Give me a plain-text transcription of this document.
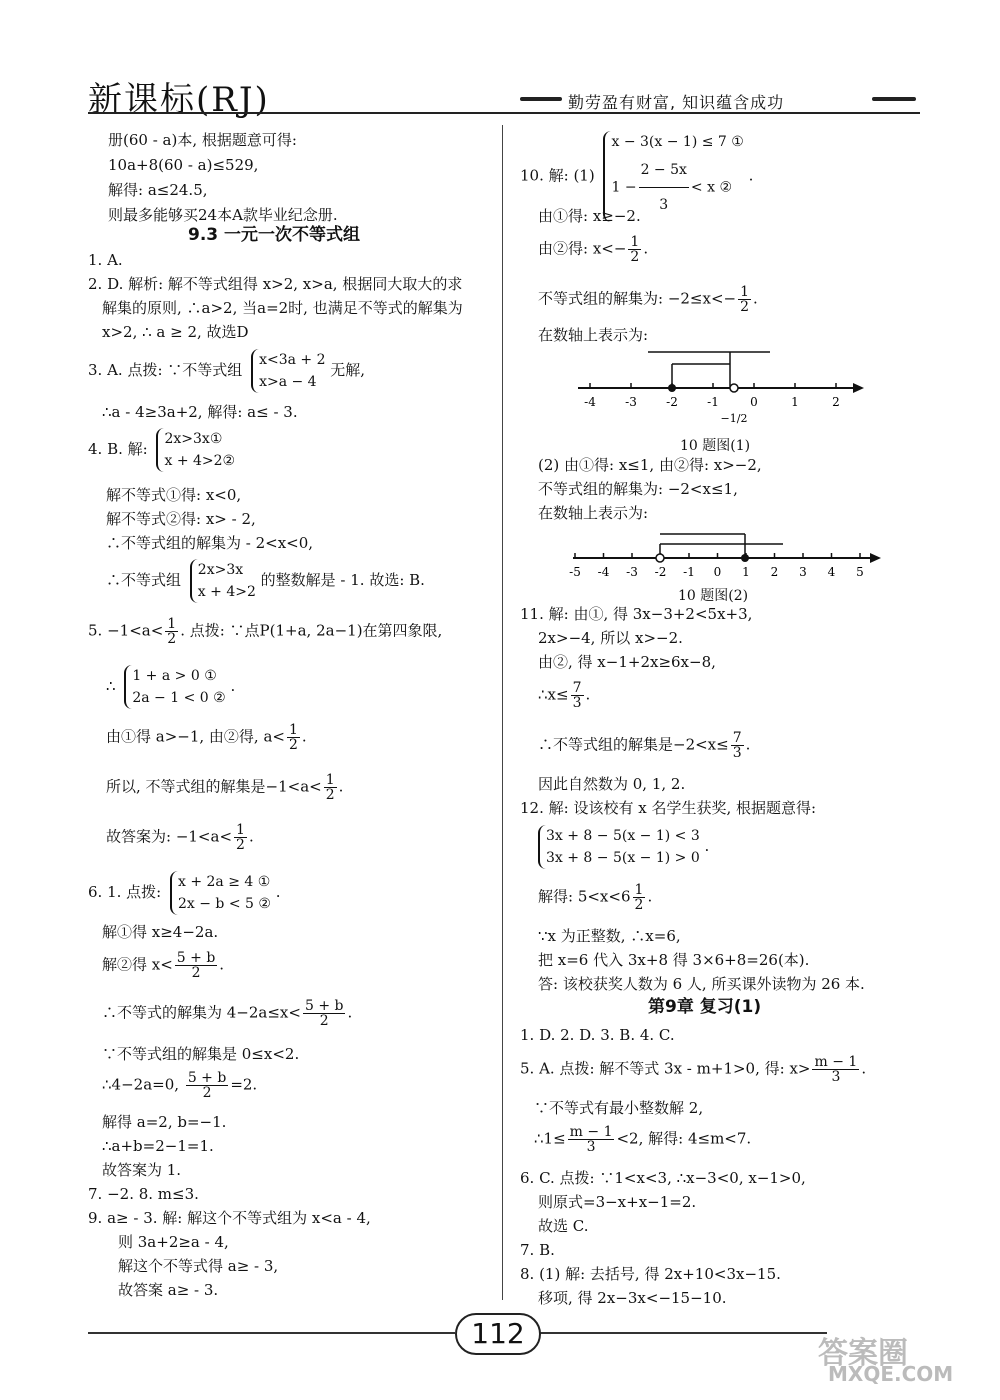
新课标(RJ)	勤劳盈有财富, 知识蕴含成功
册(60 - a)本, 根据题意可得:
10a+8(60 - a)≤529,
解得: a≤24.5,
则最多能够买24本A款毕业纪念册.
9.3 一元一次不等式组
1. A.
2. D. 解析: 解不等式组得 x>2, x>a, 根据同大取大的求
解集的原则, ∴a>2, 当a=2时, 也满足不等式的解集为
x>2, ∴ a ≥ 2, 故选D
3. A. 点拨: ∵不等式组
x<3a + 2
x>a − 4
无解,
∴a - 4≥3a+2, 解得: a≤ - 3.
4. B. 解:
2x>3x①
x + 4>2②
解不等式①得: x<0,
解不等式②得: x> - 2,
∴不等式组的解集为 - 2<x<0,
∴不等式组
2x>3x
x + 4>2
的整数解是 - 1. 故选: B.
5. $-1<a< \frac{1}{2}$ . 点拨: ∵点P(1+a, 2a−1)在第四象限,
∴
1 + a > 0 ①
2a − 1 < 0 ②
.
由①得 a>−1, 由②得, $a< \frac{1}{2}$ .
所以, 不等式组的解集是$-1<a< \frac{1}{2}$ .
故答案为: $-1<a< \frac{1}{2}$ .
6. 1. 点拨:
x + 2a ≥ 4 ①
2x − b < 5 ②
.
解①得 x≥4−2a.
解②得 $x< \frac{5 + b}{2}$ .
∴不等式的解集为 $4-2a\le x< \frac{5 + b}{2}$ .
∵不等式组的解集是 0≤x<2.
∴4−2a=0, $\frac{5 + b}{2} =2$.
解得 a=2, b=−1.
∴a+b=2−1=1.
故答案为 1.
7. −2. 8. m≤3.
9. a≥ - 3. 解: 解这个不等式组为 x<a - 4,
则 3a+2≥a - 4,
解这个不等式得 a≥ - 3,
故答案 a≥ - 3.
10. 解: (1)
x − 3(x − 1) ≤ 7 ①
$1 - \frac{2 - 5x}{3} < x$ ②
.
由①得: x≥−2.
由②得: $x<- \frac{1}{2}$ .
不等式组的解集为: $-2\le x<- \frac{1}{2}$ .
在数轴上表示为:
-4 -3 -2 -1	0	1	2
−1/2
10 题图(1)
(2) 由①得: x≤1, 由②得: x>−2,
不等式组的解集为: −2<x≤1,
在数轴上表示为:
-5 -4 -3 -2 -1 0 1 2 3 4 5
10 题图(2)
11. 解: 由①, 得 3x−3+2<5x+3,
2x>−4, 所以 x>−2.
由②, 得 x−1+2x≥6x−8,
∴x≤ $\frac{7}{3}$ .
∴不等式组的解集是$-2<x\le \frac{7}{3}$ .
因此自然数为 0, 1, 2.
12. 解: 设该校有 x 名学生获奖, 根据题意得:
3x + 8 − 5(x − 1) < 3
3x + 8 − 5(x − 1) > 0
.
解得: $5<x<6 \frac{1}{2}$ .
∵x 为正整数, ∴x=6,
把 x=6 代入 3x+8 得 3×6+8=26(本).
答: 该校获奖人数为 6 人, 所买课外读物为 26 本.
第9章 复习(1)
1. D. 2. D. 3. B. 4. C.
5. A. 点拨: 解不等式 3x - m+1>0, 得: $x> \frac{m - 1}{3}$ .
∵不等式有最小整数解 2,
∴1≤ $\frac{m - 1}{3} <2$, 解得: 4≤m<7.
6. C. 点拨: ∵1<x<3, ∴x−3<0, x−1>0,
则原式=3−x+x−1=2.
故选 C.
7. B.
8. (1) 解: 去括号, 得 2x+10<3x−15.
移项, 得 2x−3x<−15−10.
112
答案圈
MXQE.COM
